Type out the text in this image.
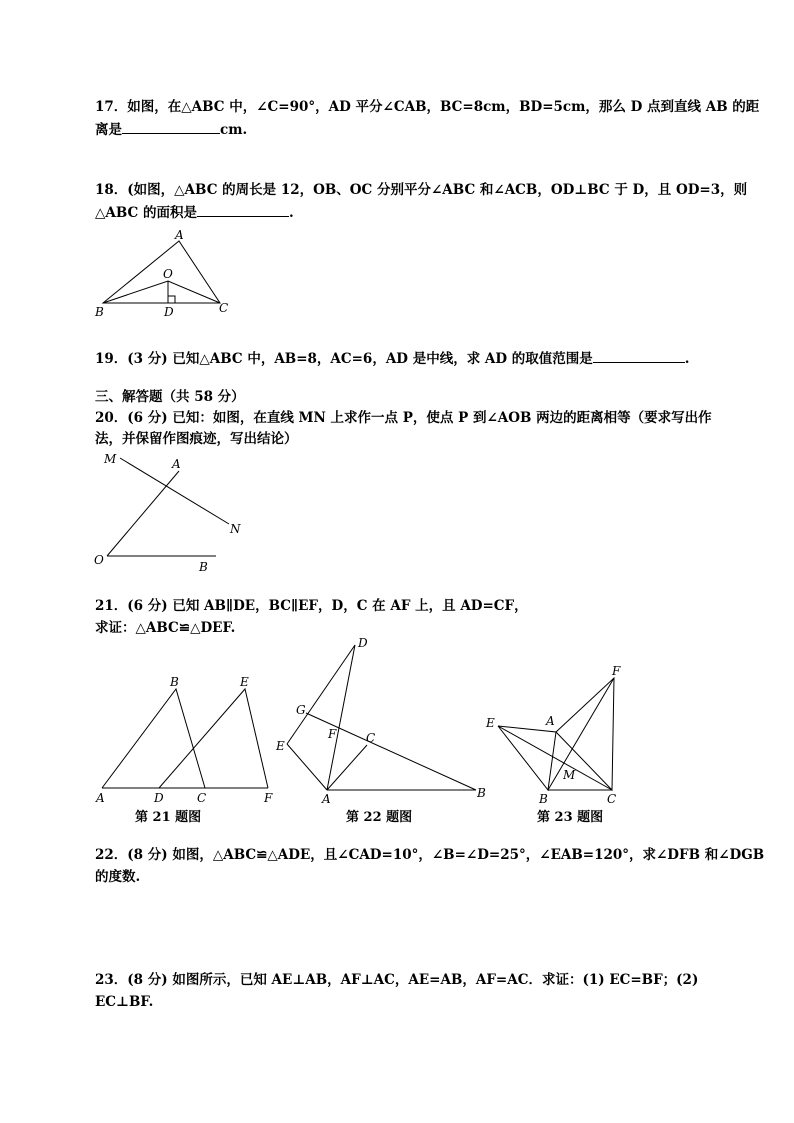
17．如图，在△ABC 中，∠C=90°，AD 平分∠CAB，BC=8cm，BD=5cm，那么 D 点到直线 AB 的距
离是	cm.
18．(如图，△ABC 的周长是 12，OB、OC 分别平分∠ABC 和∠ACB，OD⊥BC 于 D，且 OD=3，则
△ABC 的面积是	.
A
O
B	D	C
M	A
N
O	B
B	E
A	D	C	F
D
G
E
F C
A	B
F
E	A
M
B	C
19．(3 分) 已知△ABC 中，AB=8，AC=6，AD 是中线，求 AD 的取值范围是	.
三、解答题（共 58 分）
20．(6 分) 已知：如图，在直线 MN 上求作一点 P，使点 P 到∠AOB 两边的距离相等（要求写出作
法，并保留作图痕迹，写出结论）
21．(6 分) 已知 AB∥DE，BC∥EF，D，C 在 AF 上，且 AD=CF，
求证：△ABC≌△DEF.
第 21 题图	第 22 题图	第 23 题图
22．(8 分) 如图，△ABC≌△ADE，且∠CAD=10°，∠B=∠D=25°，∠EAB=120°，求∠DFB 和∠DGB
的度数.
23．(8 分) 如图所示，已知 AE⊥AB，AF⊥AC，AE=AB，AF=AC．求证：(1) EC=BF；(2)
EC⊥BF.
